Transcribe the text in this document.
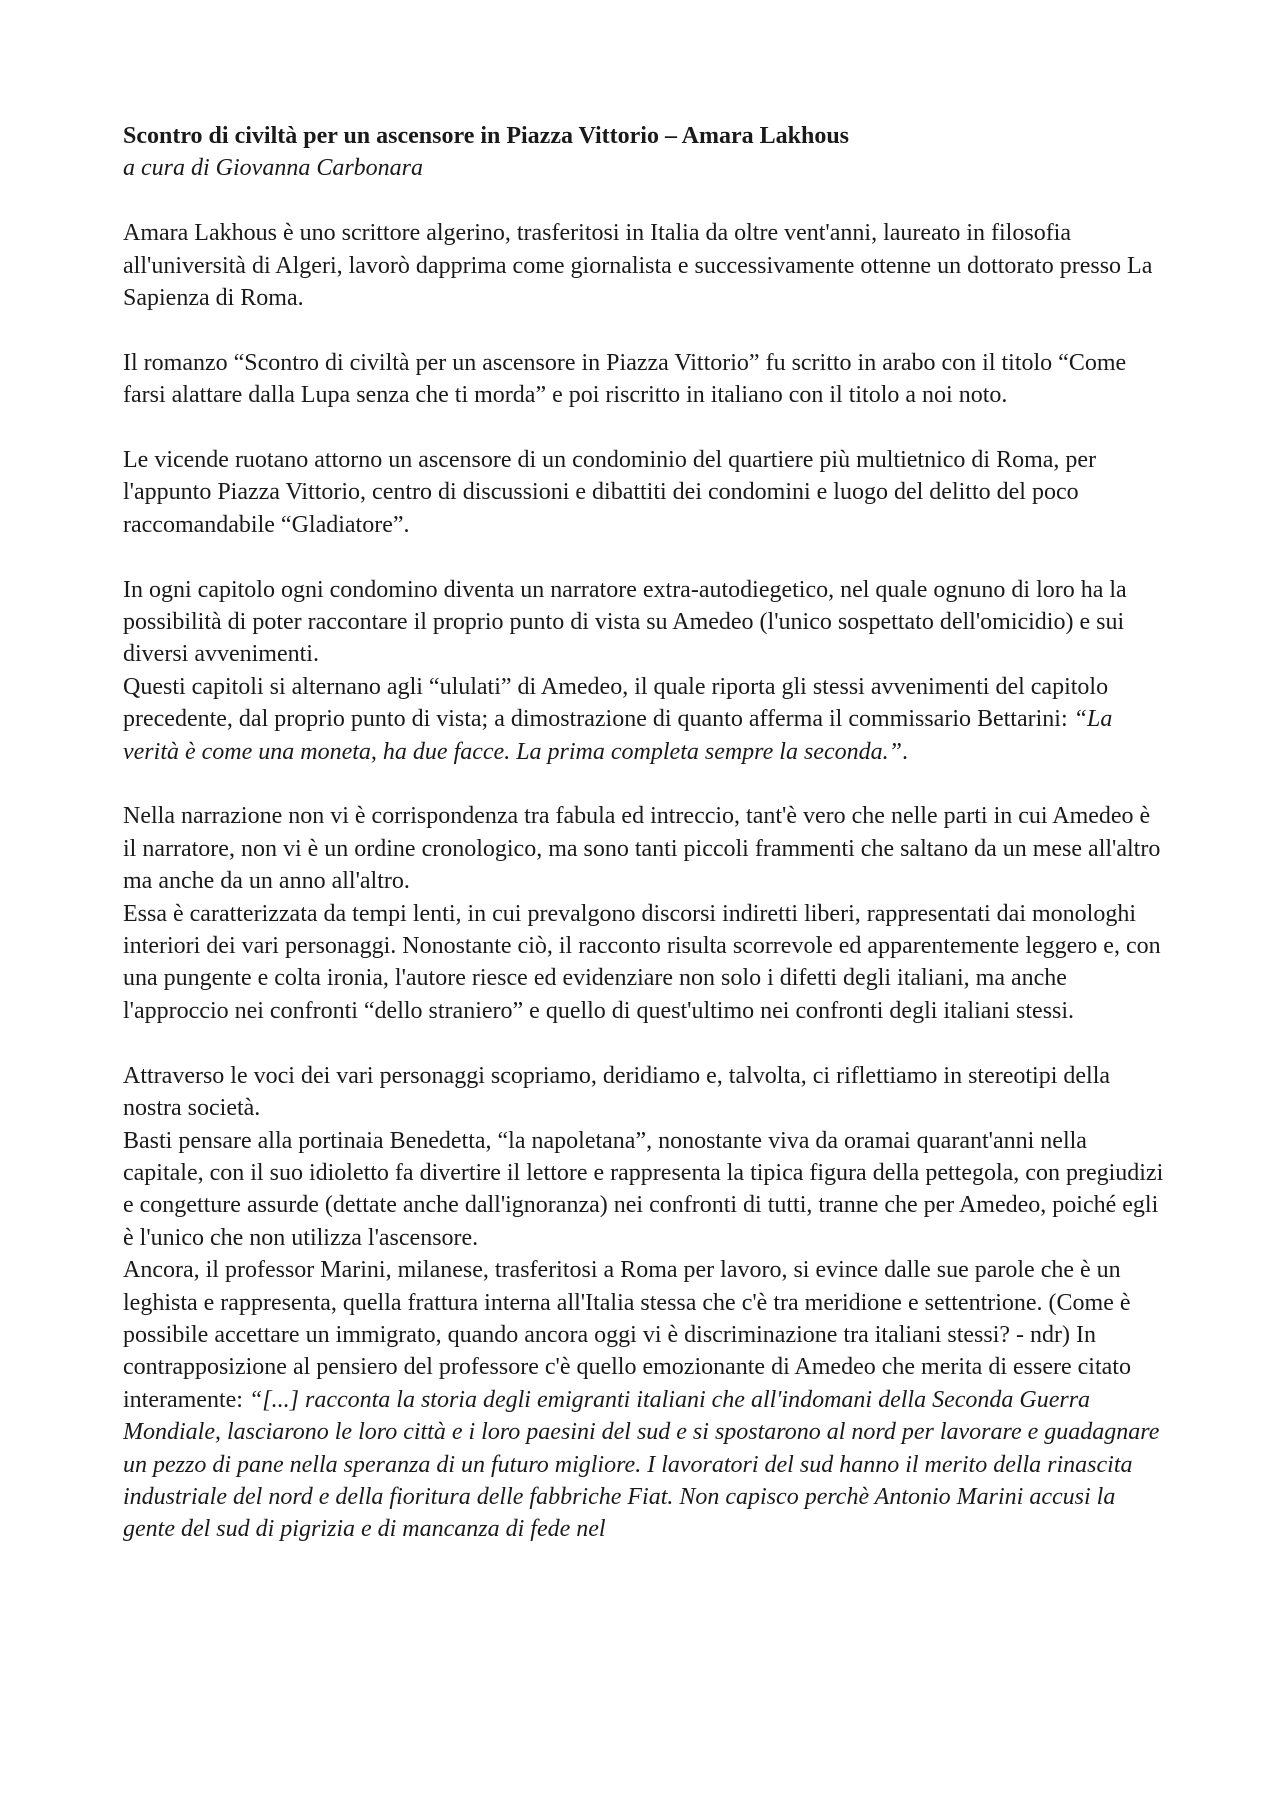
Scontro di civiltà per un ascensore in Piazza Vittorio – Amara Lakhous

a cura di Giovanna Carbonara

Amara Lakhous è uno scrittore algerino, trasferitosi in Italia da oltre vent'anni, laureato in filosofia all'università di Algeri, lavorò dapprima come giornalista e successivamente ottenne un dottorato presso La Sapienza di Roma.

Il romanzo “Scontro di civiltà per un ascensore in Piazza Vittorio” fu scritto in arabo con il titolo “Come farsi alattare dalla Lupa senza che ti morda” e poi riscritto in italiano con il titolo a noi noto.

Le vicende ruotano attorno un ascensore di un condominio del quartiere più multietnico di Roma, per l'appunto Piazza Vittorio, centro di discussioni e dibattiti dei condomini e luogo del delitto del poco raccomandabile “Gladiatore”.

In ogni capitolo ogni condomino diventa un narratore extra-autodiegetico, nel quale ognuno di loro ha la possibilità di poter raccontare il proprio punto di vista su Amedeo (l'unico sospettato dell'omicidio) e sui diversi avvenimenti.

Questi capitoli si alternano agli “ululati” di Amedeo, il quale riporta gli stessi avvenimenti del capitolo precedente, dal proprio punto di vista; a dimostrazione di quanto afferma il commissario Bettarini: “La verità è come una moneta, ha due facce. La prima completa sempre la seconda.”.

Nella narrazione non vi è corrispondenza tra fabula ed intreccio, tant'è vero che nelle parti in cui Amedeo è il narratore, non vi è un ordine cronologico, ma sono tanti piccoli frammenti che saltano da un mese all'altro ma anche da un anno all'altro.

Essa è caratterizzata da tempi lenti, in cui prevalgono discorsi indiretti liberi, rappresentati dai monologhi interiori dei vari personaggi. Nonostante ciò, il racconto risulta scorrevole ed apparentemente leggero e, con una pungente e colta ironia, l'autore riesce ed evidenziare non solo i difetti degli italiani, ma anche l'approccio nei confronti “dello straniero” e quello di quest'ultimo nei confronti degli italiani stessi.

Attraverso le voci dei vari personaggi scopriamo, deridiamo e, talvolta, ci riflettiamo in stereotipi della nostra società.

Basti pensare alla portinaia Benedetta, “la napoletana”, nonostante viva da oramai quarant'anni nella capitale, con il suo idioletto fa divertire il lettore e rappresenta la tipica figura della pettegola, con pregiudizi e congetture assurde (dettate anche dall'ignoranza) nei confronti di tutti, tranne che per Amedeo, poiché egli è l'unico che non utilizza l'ascensore.

Ancora, il professor Marini, milanese, trasferitosi a Roma per lavoro, si evince dalle sue parole che è un leghista e rappresenta, quella frattura interna all'Italia stessa che c'è tra meridione e settentrione. (Come è possibile accettare un immigrato, quando ancora oggi vi è discriminazione tra italiani stessi? - ndr) In contrapposizione al pensiero del professore c'è quello emozionante di Amedeo che merita di essere citato interamente: “[...] racconta la storia degli emigranti italiani che all'indomani della Seconda Guerra Mondiale, lasciarono le loro città e i loro paesini del sud e si spostarono al nord per lavorare e guadagnare un pezzo di pane nella speranza di un futuro migliore. I lavoratori del sud hanno il merito della rinascita industriale del nord e della fioritura delle fabbriche Fiat. Non capisco perchè Antonio Marini accusi la gente del sud di pigrizia e di mancanza di fede nel
